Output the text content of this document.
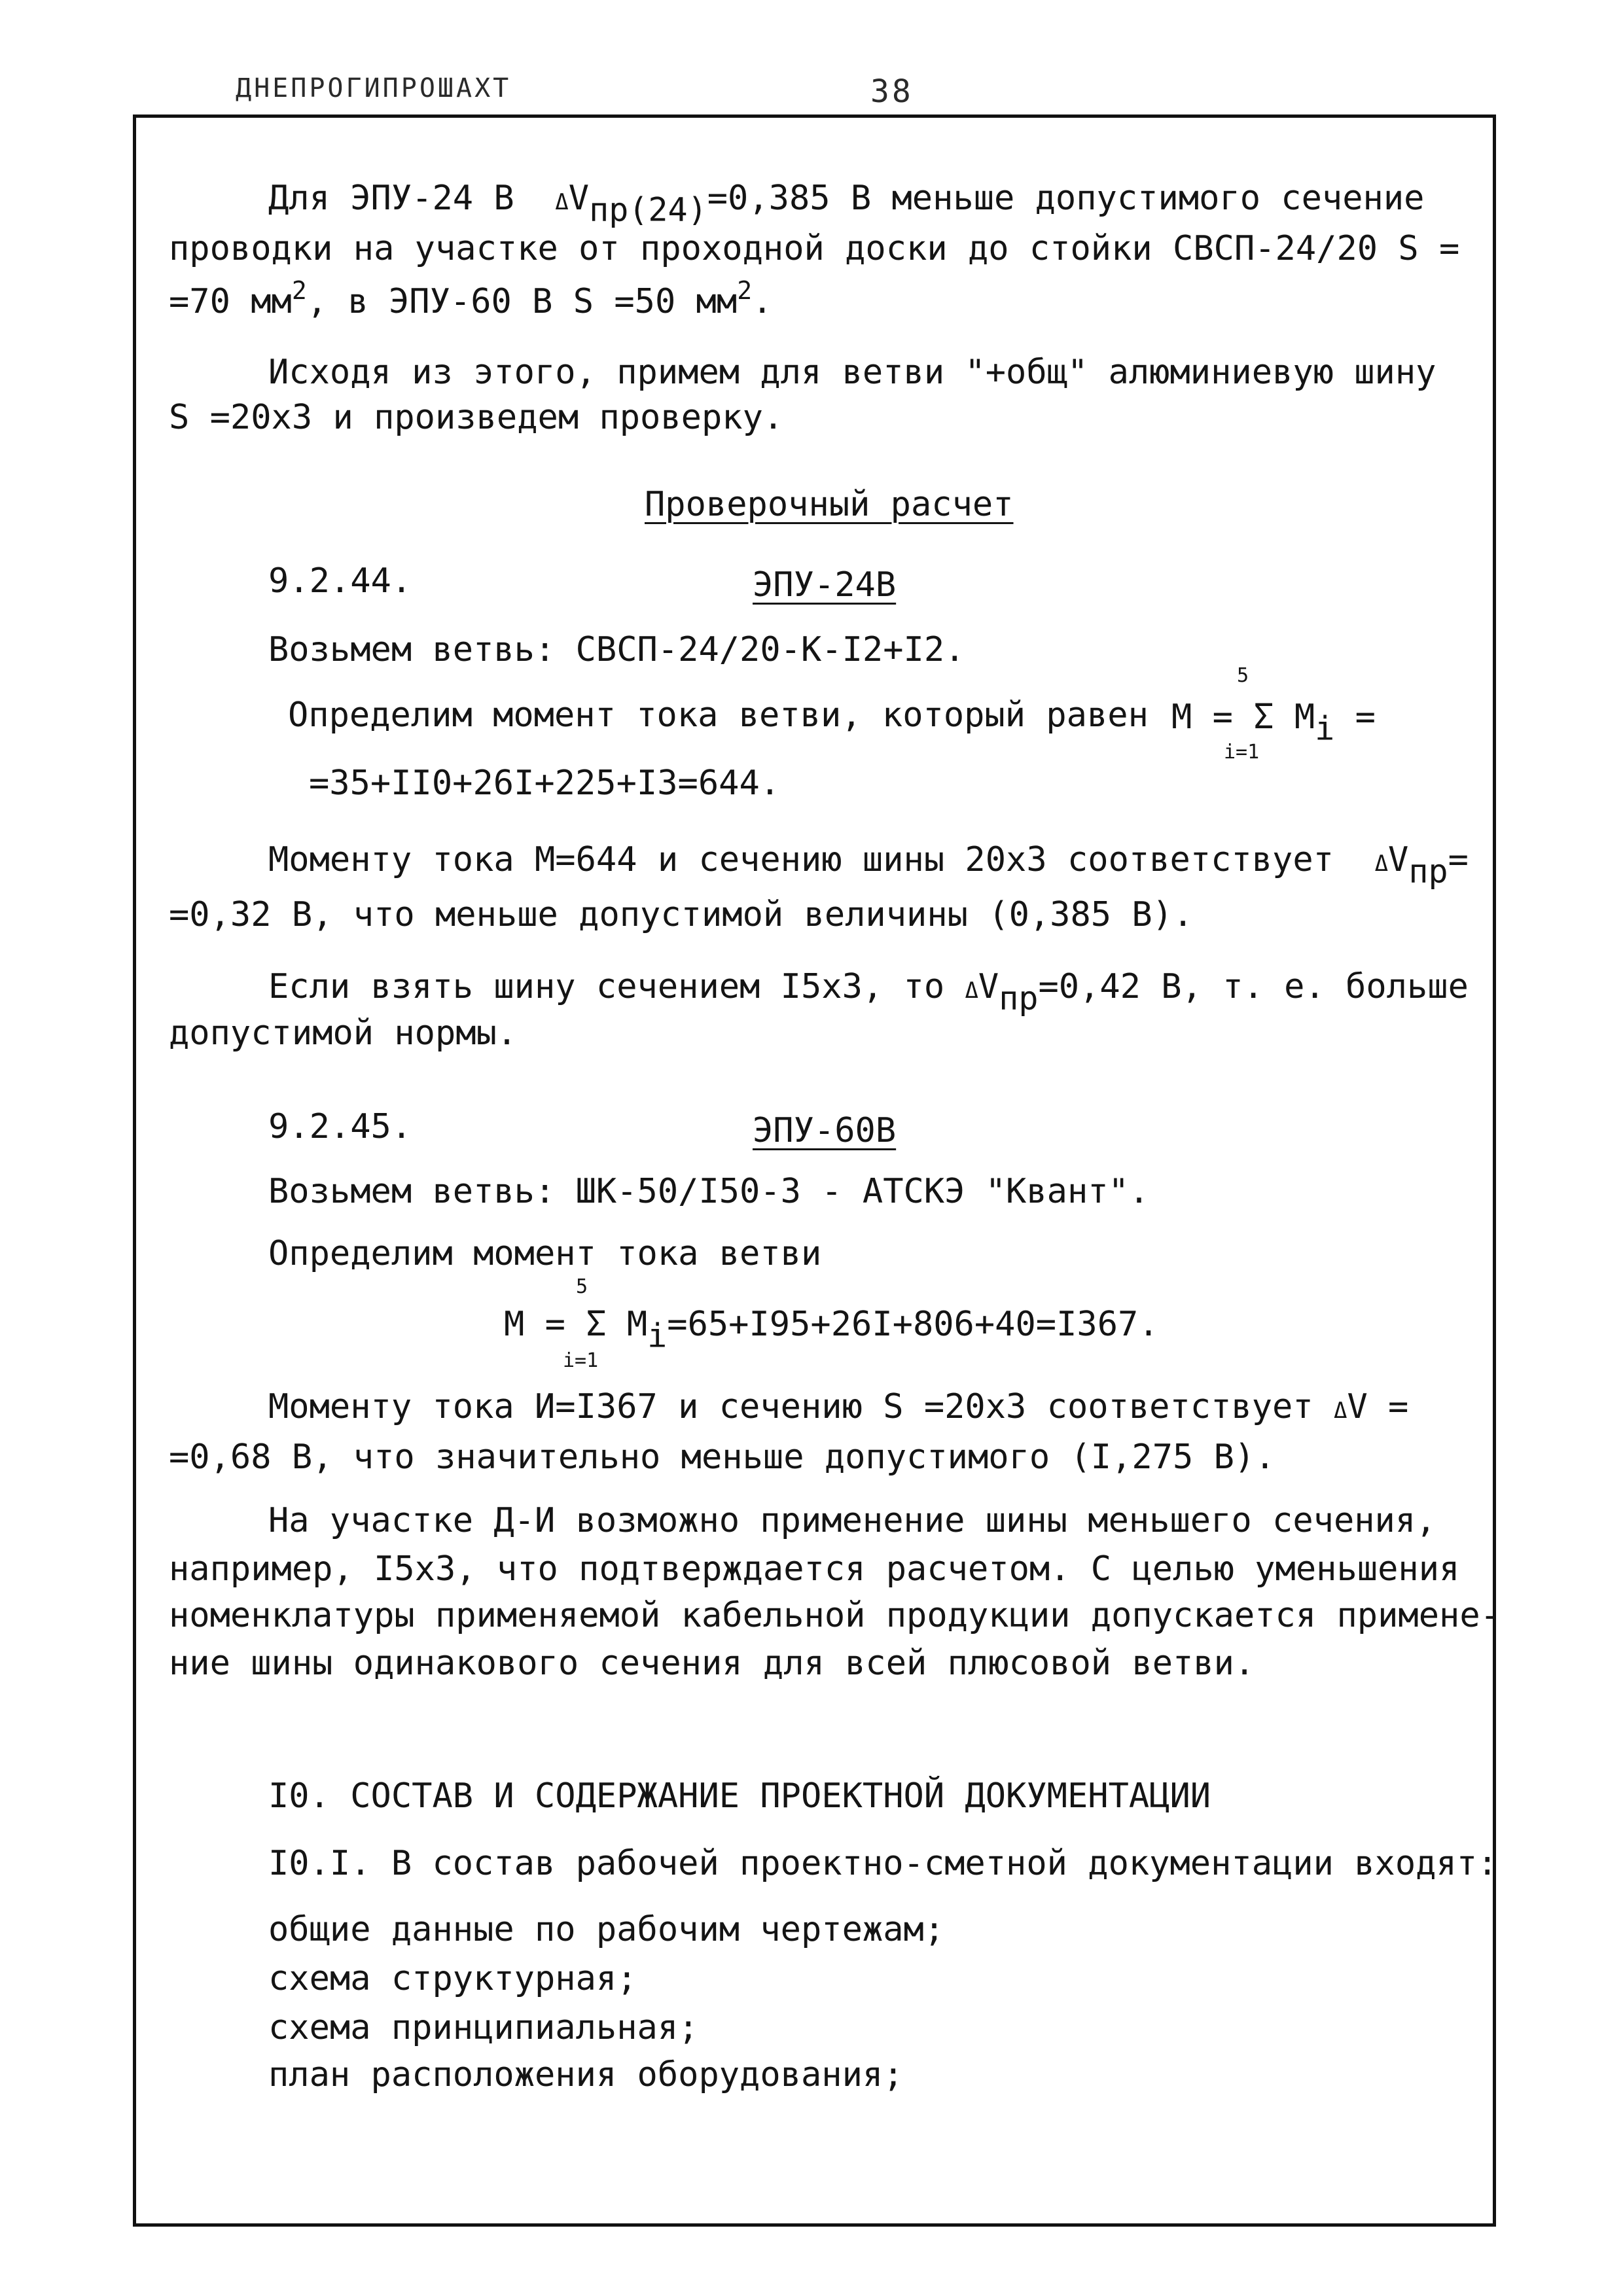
ДНЕПРОГИПРОШАХТ	38
Для ЭПУ-24 В  ΔVпр(24)=0,385 В меньше допустимого сечение
проводки на участке от проходной доски до стойки СВСП-24/20 S =
=70 $мм^2$, в ЭПУ-60 В S =50 $мм^2$.
Исходя из этого, примем для ветви "+общ" алюминиевую шину
S =20х3 и произведем проверку.
Проверочный расчет
9.2.44.	ЭПУ-24В
Возьмем ветвь: СВСП-24/20-К-I2+I2.
Определим момент тока ветви, который равен M = Σ Mi =
5
i=1
=35+II0+26I+225+I3=644.
Моменту тока M=644 и сечению шины 20х3 соответствует  ΔVпр=
=0,32 В, что меньше допустимой величины (0,385 В).
Если взять шину сечением I5х3, то ΔVпр=0,42 В, т. е. больше
допустимой нормы.
9.2.45.	ЭПУ-60В
Возьмем ветвь: ШК-50/I50-3 - АТСКЭ "Квант".
Определим момент тока ветви
5
M = Σ Mi=65+I95+26I+806+40=I367.
i=1
Моменту тока И=I367 и сечению S =20х3 соответствует ΔV =
=0,68 В, что значительно меньше допустимого (I,275 В).
На участке Д-И возможно применение шины меньшего сечения,
например, I5х3, что подтверждается расчетом. С целью уменьшения
номенклатуры применяемой кабельной продукции допускается примене-
ние шины одинакового сечения для всей плюсовой ветви.
I0. СОСТАВ И СОДЕРЖАНИЕ ПРОЕКТНОЙ ДОКУМЕНТАЦИИ
I0.I. В состав рабочей проектно-сметной документации входят:
общие данные по рабочим чертежам;
схема структурная;
схема принципиальная;
план расположения оборудования;
